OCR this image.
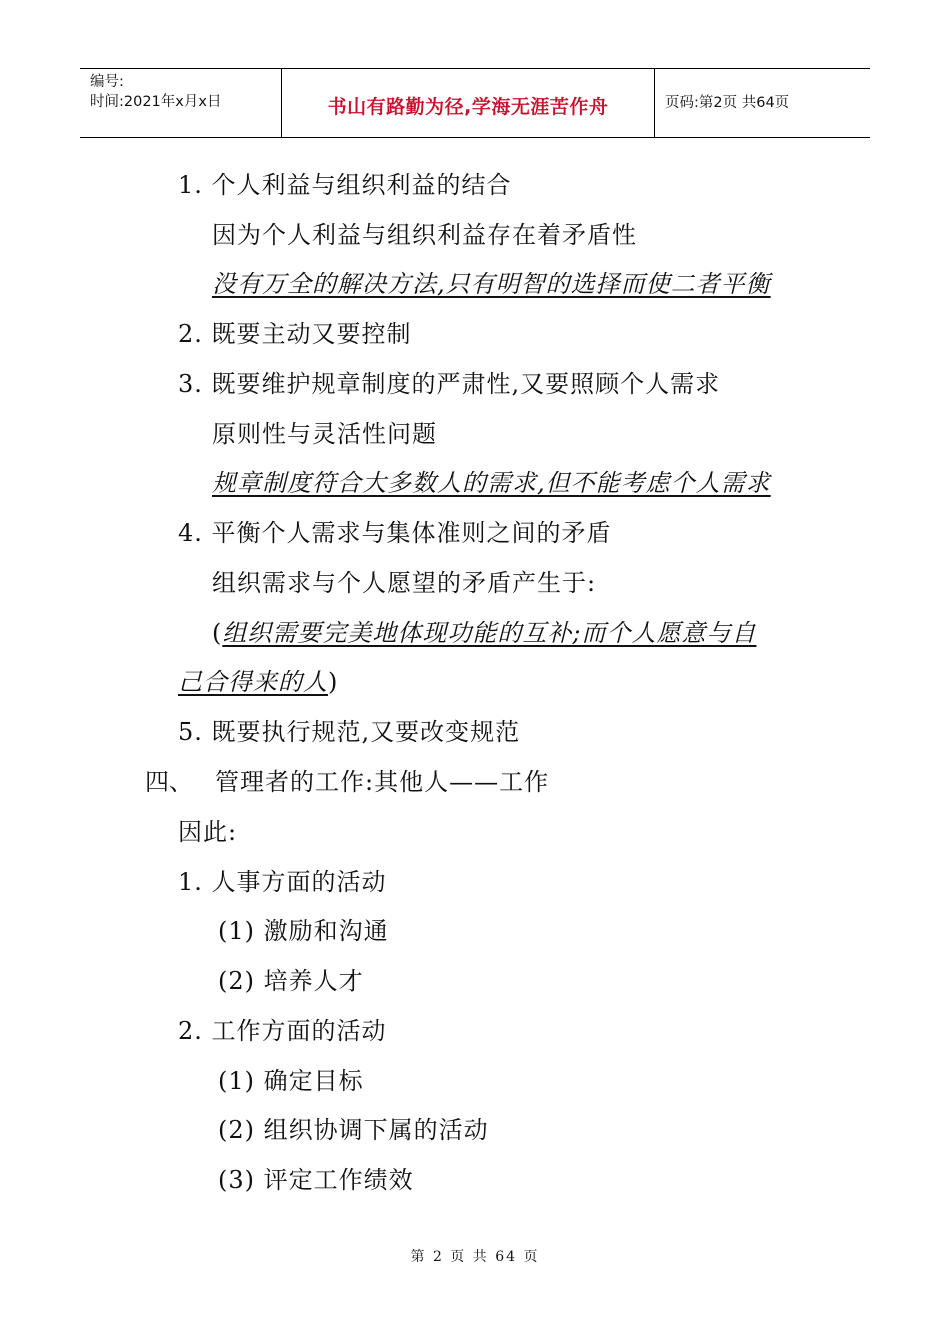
编号:
时间:2021年x月x日	书山有路勤为径,学海无涯苦作舟	页码:第2页 共64页
1. 个人利益与组织利益的结合
因为个人利益与组织利益存在着矛盾性
没有万全的解决方法,只有明智的选择而使二者平衡
2. 既要主动又要控制
3. 既要维护规章制度的严肃性,又要照顾个人需求
原则性与灵活性问题
规章制度符合大多数人的需求,但不能考虑个人需求
4. 平衡个人需求与集体准则之间的矛盾
组织需求与个人愿望的矛盾产生于:
(组织需要完美地体现功能的互补;而个人愿意与自
己合得来的人)
5. 既要执行规范,又要改变规范
四、 管理者的工作:其他人——工作
因此:
1. 人事方面的活动
(1) 激励和沟通
(2) 培养人才
2. 工作方面的活动
(1) 确定目标
(2) 组织协调下属的活动
(3) 评定工作绩效
第 2 页 共 64 页
